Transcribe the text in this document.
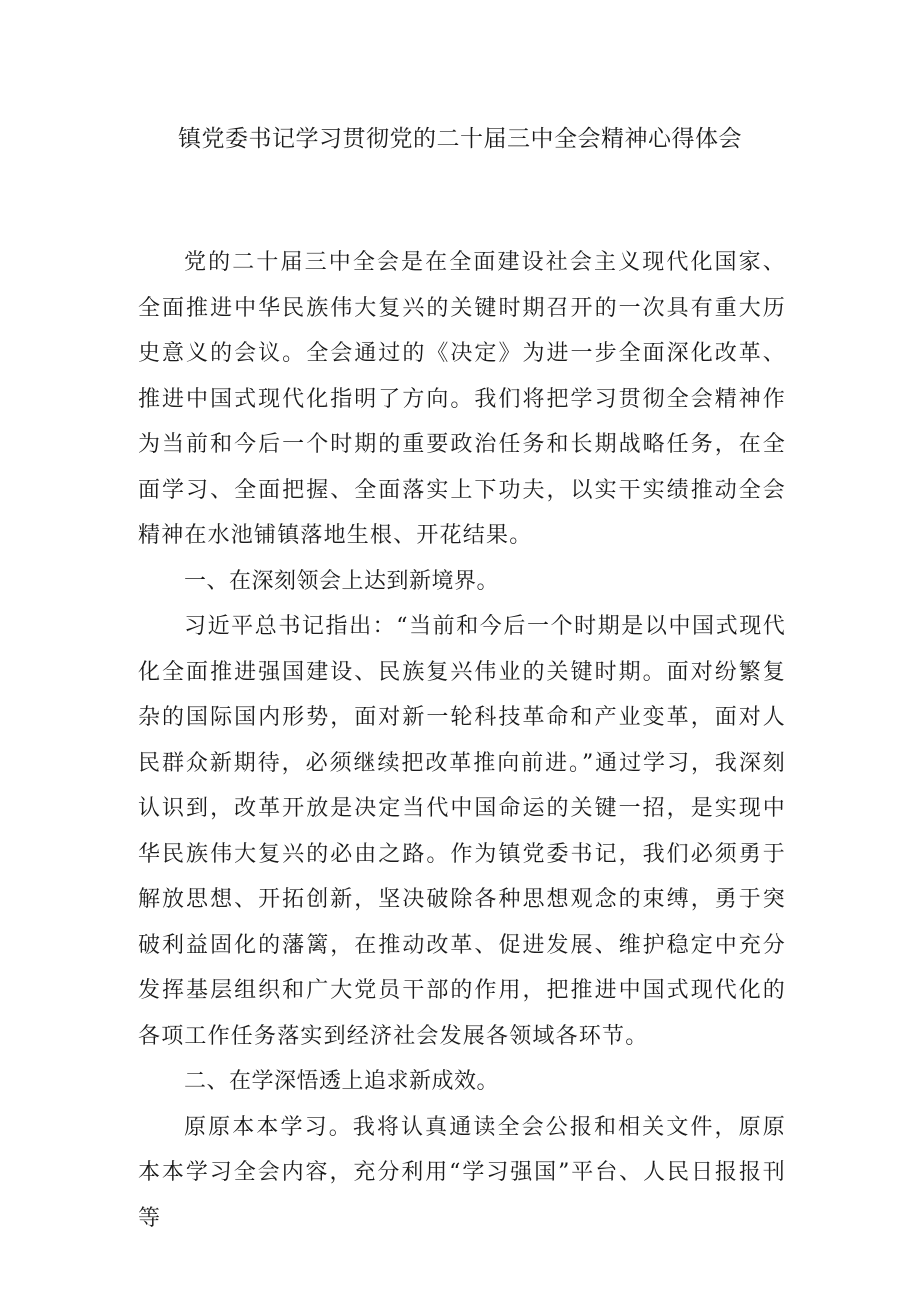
镇党委书记学习贯彻党的二十届三中全会精神心得体会

党的二十届三中全会是在全面建设社会主义现代化国家、全面推进中华民族伟大复兴的关键时期召开的一次具有重大历史意义的会议。全会通过的《决定》为进一步全面深化改革、推进中国式现代化指明了方向。我们将把学习贯彻全会精神作为当前和今后一个时期的重要政治任务和长期战略任务，在全面学习、全面把握、全面落实上下功夫，以实干实绩推动全会精神在水池铺镇落地生根、开花结果。

一、在深刻领会上达到新境界。

习近平总书记指出：“当前和今后一个时期是以中国式现代化全面推进强国建设、民族复兴伟业的关键时期。面对纷繁复杂的国际国内形势，面对新一轮科技革命和产业变革，面对人民群众新期待，必须继续把改革推向前进。”通过学习，我深刻认识到，改革开放是决定当代中国命运的关键一招，是实现中华民族伟大复兴的必由之路。作为镇党委书记，我们必须勇于解放思想、开拓创新，坚决破除各种思想观念的束缚，勇于突破利益固化的藩篱，在推动改革、促进发展、维护稳定中充分发挥基层组织和广大党员干部的作用，把推进中国式现代化的各项工作任务落实到经济社会发展各领域各环节。

二、在学深悟透上追求新成效。

原原本本学习。我将认真通读全会公报和相关文件，原原本本学习全会内容，充分利用“学习强国”平台、人民日报报刊等
